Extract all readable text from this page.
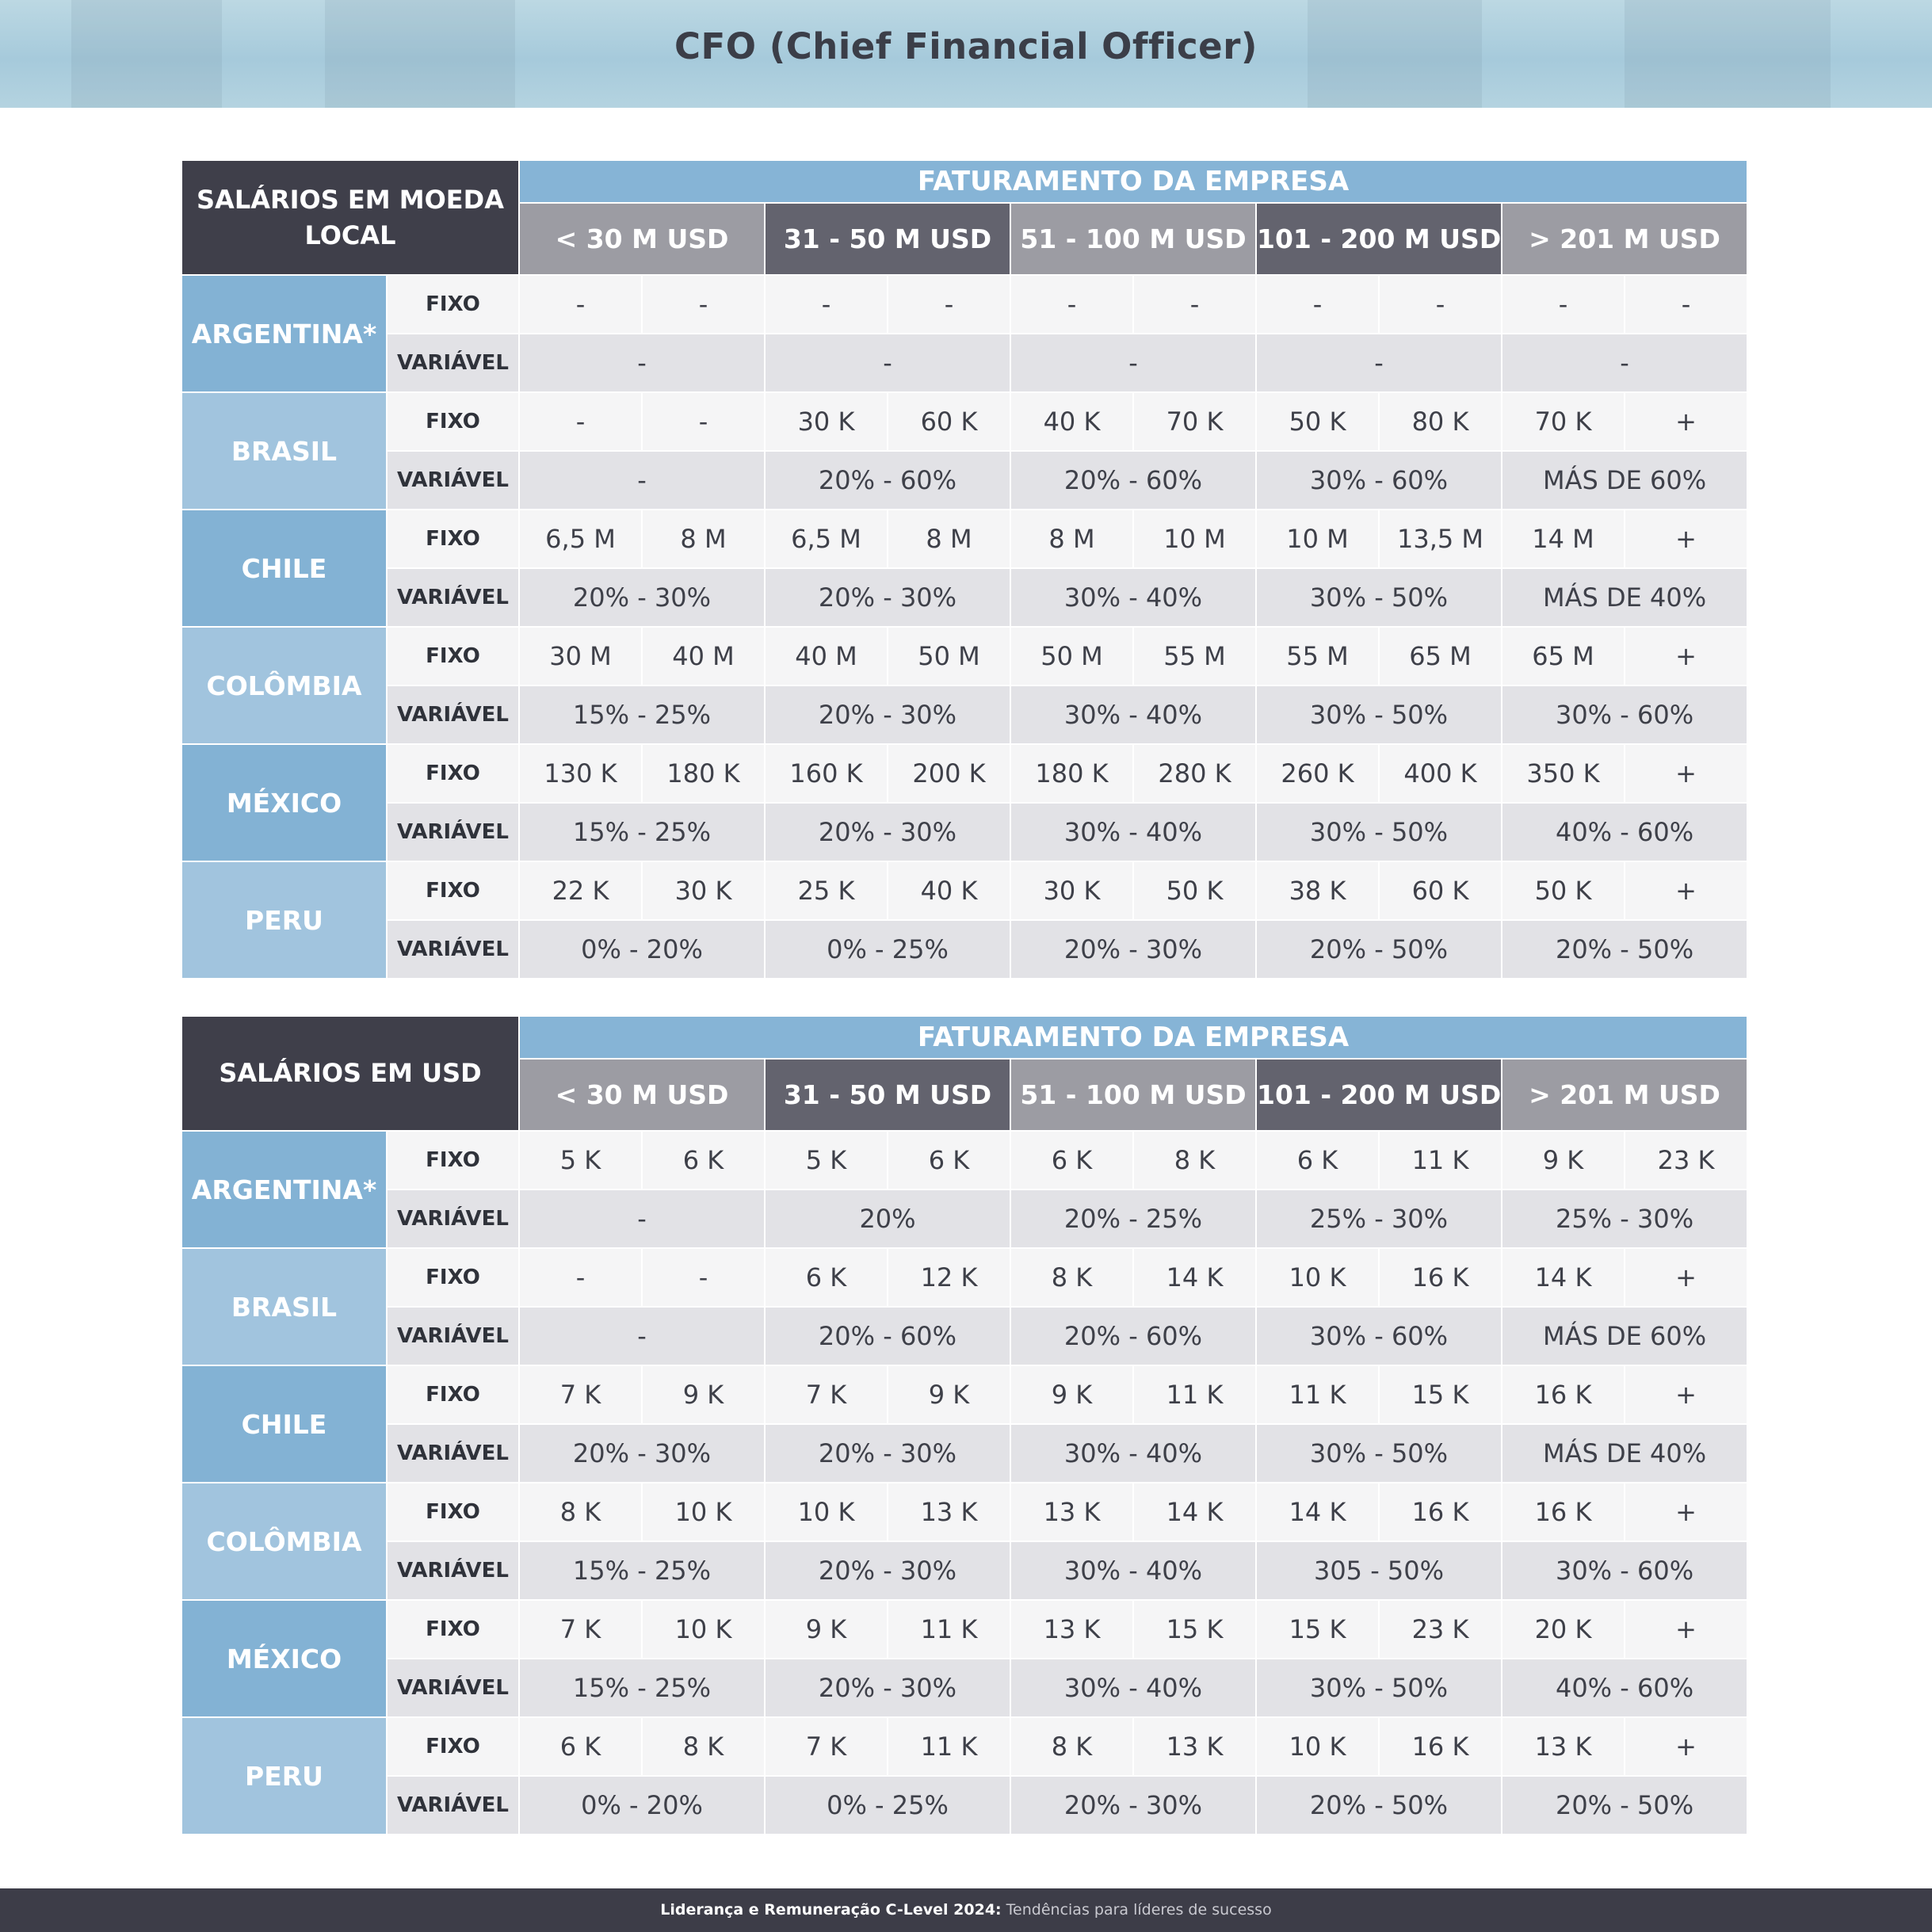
CFO (Chief Financial Officer)
SALÁRIOS EM MOEDA LOCAL		FATURAMENTO DA EMPRESA									
		< 30 M USD		31 - 50 M USD		51 - 100 M USD		101 - 200 M USD		> 201 M USD	
ARGENTINA*	FIXO	-	-	-	-	-	-	-	-	-	-
	VARIÁVEL	-		-		-		-		-	
BRASIL	FIXO	-	-	30 K	60 K	40 K	70 K	50 K	80 K	70 K	+
	VARIÁVEL	-		20% - 60%		20% - 60%		30% - 60%		MÁS DE 60%	
CHILE	FIXO	6,5 M	8 M	6,5 M	8 M	8 M	10 M	10 M	13,5 M	14 M	+
	VARIÁVEL	20% - 30%		20% - 30%		30% - 40%		30% - 50%		MÁS DE 40%	
COLÔMBIA	FIXO	30 M	40 M	40 M	50 M	50 M	55 M	55 M	65 M	65 M	+
	VARIÁVEL	15% - 25%		20% - 30%		30% - 40%		30% - 50%		30% - 60%	
MÉXICO	FIXO	130 K	180 K	160 K	200 K	180 K	280 K	260 K	400 K	350 K	+
	VARIÁVEL	15% - 25%		20% - 30%		30% - 40%		30% - 50%		40% - 60%	
PERU	FIXO	22 K	30 K	25 K	40 K	30 K	50 K	38 K	60 K	50 K	+
	VARIÁVEL	0% - 20%		0% - 25%		20% - 30%		20% - 50%		20% - 50%	
SALÁRIOS EM USD		FATURAMENTO DA EMPRESA									
		< 30 M USD		31 - 50 M USD		51 - 100 M USD		101 - 200 M USD		> 201 M USD	
ARGENTINA*	FIXO	5 K	6 K	5 K	6 K	6 K	8 K	6 K	11 K	9 K	23 K
	VARIÁVEL	-		20%		20% - 25%		25% - 30%		25% - 30%	
BRASIL	FIXO	-	-	6 K	12 K	8 K	14 K	10 K	16 K	14 K	+
	VARIÁVEL	-		20% - 60%		20% - 60%		30% - 60%		MÁS DE 60%	
CHILE	FIXO	7 K	9 K	7 K	9 K	9 K	11 K	11 K	15 K	16 K	+
	VARIÁVEL	20% - 30%		20% - 30%		30% - 40%		30% - 50%		MÁS DE 40%	
COLÔMBIA	FIXO	8 K	10 K	10 K	13 K	13 K	14 K	14 K	16 K	16 K	+
	VARIÁVEL	15% - 25%		20% - 30%		30% - 40%		305 - 50%		30% - 60%	
MÉXICO	FIXO	7 K	10 K	9 K	11 K	13 K	15 K	15 K	23 K	20 K	+
	VARIÁVEL	15% - 25%		20% - 30%		30% - 40%		30% - 50%		40% - 60%	
PERU	FIXO	6 K	8 K	7 K	11 K	8 K	13 K	10 K	16 K	13 K	+
	VARIÁVEL	0% - 20%		0% - 25%		20% - 30%		20% - 50%		20% - 50%	
Liderança e Remuneração C-Level 2024: Tendências para líderes de sucesso
